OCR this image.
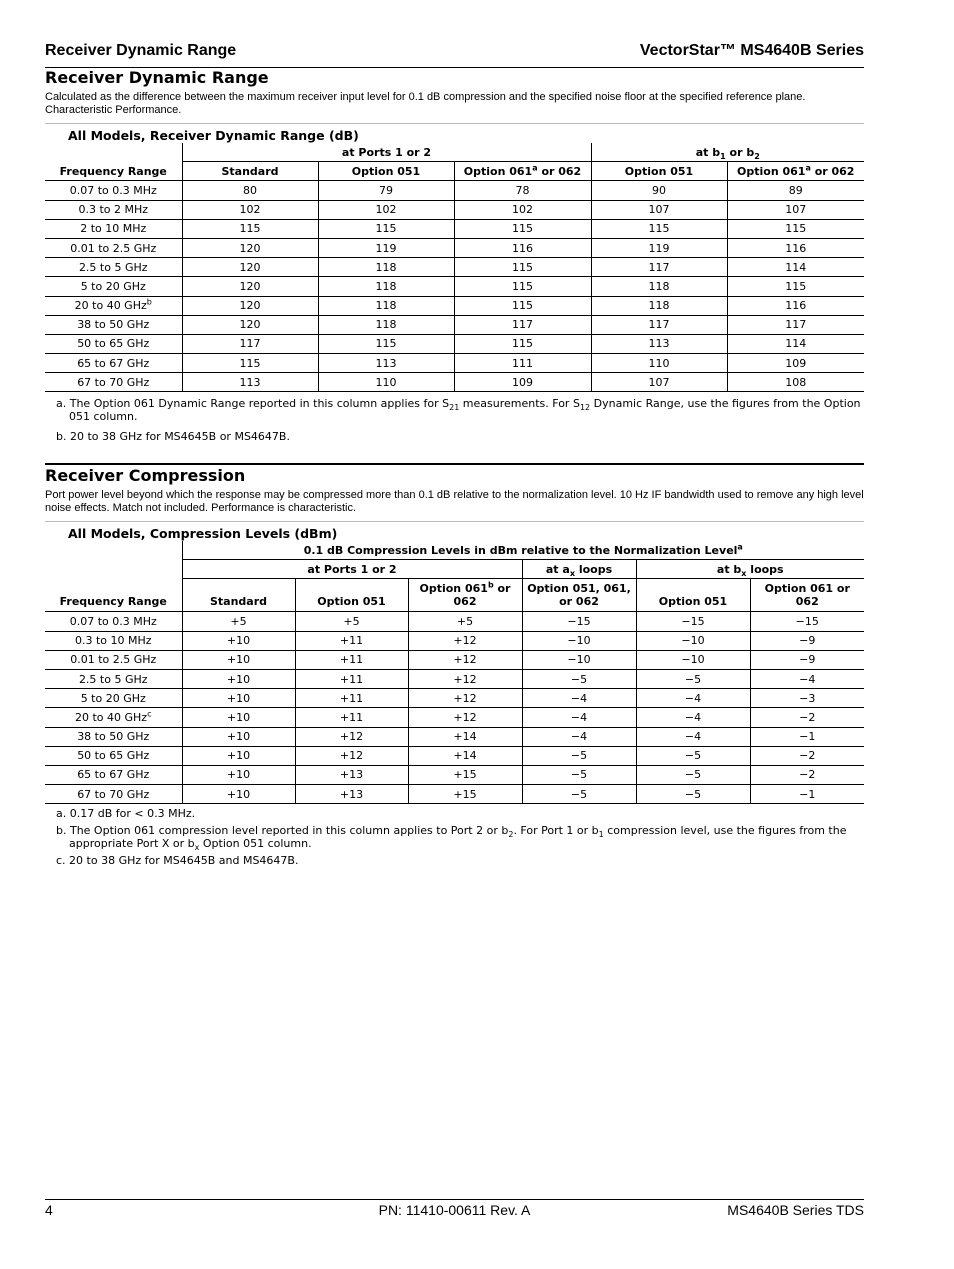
Receiver Dynamic Range	VectorStar™ MS4640B Series
Receiver Dynamic Range

Calculated as the difference between the maximum receiver input level for 0.1 dB compression and the specified noise floor at the specified reference plane. Characteristic Performance.

All Models, Receiver Dynamic Range (dB)
	at Ports 1 or 2			at $b_1$ or $b_2$
Frequency Range	Standard	Option 051	Option 061$^a$ or 062	Option 051	Option 061$^a$ or 062
0.07 to 0.3 MHz	80	79	78	90	89
0.3 to 2 MHz	102	102	102	107	107
2 to 10 MHz	115	115	115	115	115
0.01 to 2.5 GHz	120	119	116	119	116
2.5 to 5 GHz	120	118	115	117	114
5 to 20 GHz	120	118	115	118	115
20 to 40 GHz$^b$	120	118	115	118	116
38 to 50 GHz	120	118	117	117	117
50 to 65 GHz	117	115	115	113	114
65 to 67 GHz	115	113	111	110	109
67 to 70 GHz	113	110	109	107	108

a. The Option 061 Dynamic Range reported in this column applies for $S_{21}$ measurements. For $S_{12}$ Dynamic Range, use the figures from the Option 051 column.

b. 20 to 38 GHz for MS4645B or MS4647B.

Receiver Compression

Port power level beyond which the response may be compressed more than 0.1 dB relative to the normalization level. 10 Hz IF bandwidth used to remove any high level noise effects. Match not included. Performance is characteristic.

All Models, Compression Levels (dBm)
	0.1 dB Compression Levels in dBm relative to the Normalization Level$^a$
	at Ports 1 or 2			at $a_x$ loops	at $b_x$ loops	
Frequency Range	Standard	Option 051	Option 061$^b$ or 062	Option 051, 061, or 062	Option 051	Option 061 or 062
0.07 to 0.3 MHz	+5	+5	+5	−15	−15	−15
0.3 to 10 MHz	+10	+11	+12	−10	−10	−9
0.01 to 2.5 GHz	+10	+11	+12	−10	−10	−9
2.5 to 5 GHz	+10	+11	+12	−5	−5	−4
5 to 20 GHz	+10	+11	+12	−4	−4	−3
20 to 40 GHz$^c$	+10	+11	+12	−4	−4	−2
38 to 50 GHz	+10	+12	+14	−4	−4	−1
50 to 65 GHz	+10	+12	+14	−5	−5	−2
65 to 67 GHz	+10	+13	+15	−5	−5	−2
67 to 70 GHz	+10	+13	+15	−5	−5	−1

a. 0.17 dB for < 0.3 MHz.

b. The Option 061 compression level reported in this column applies to Port 2 or $b_2$. For Port 1 or $b_1$ compression level, use the figures from the appropriate Port X or $b_x$ Option 051 column.

c. 20 to 38 GHz for MS4645B and MS4647B.

4	PN: 11410-00611 Rev. A	MS4640B Series TDS
